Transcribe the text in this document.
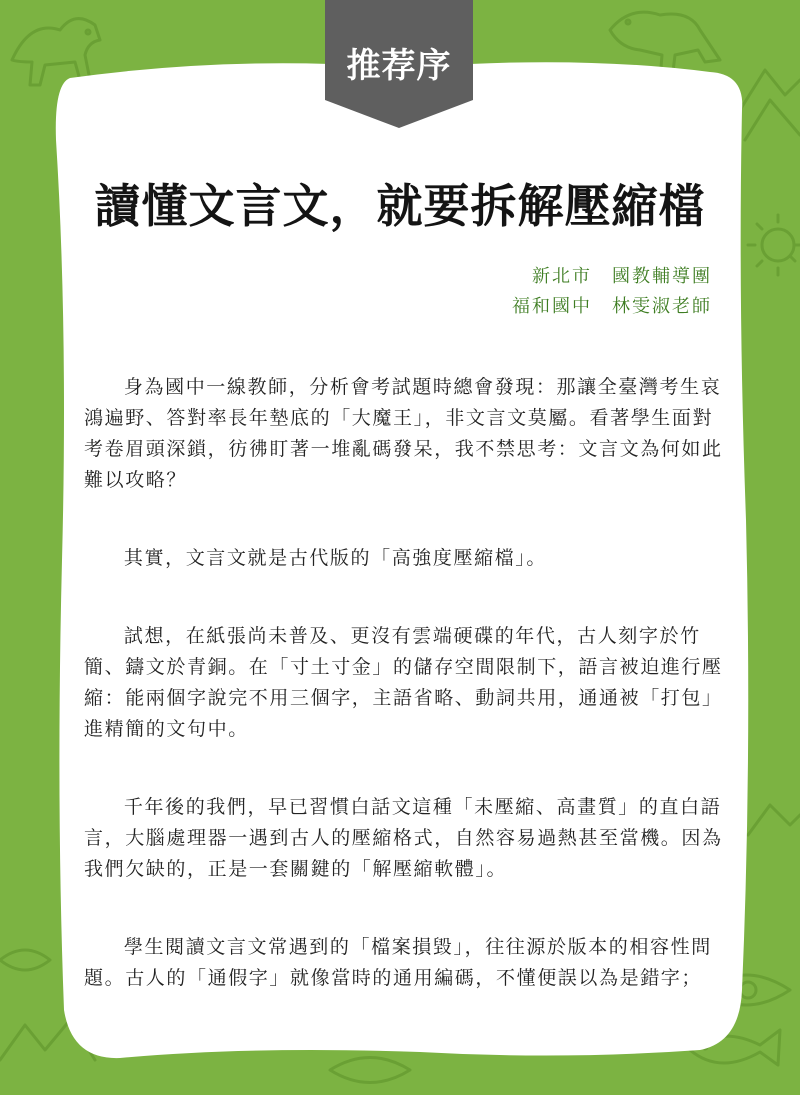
推荐序
讀懂文言文，就要拆解壓縮檔
新北市　國教輔導團
福和國中　林雯淑老師

身為國中一線教師，分析會考試題時總會發現：那讓全臺灣考生哀鴻遍野、答對率長年墊底的「大魔王」，非文言文莫屬。看著學生面對考卷眉頭深鎖，彷彿盯著一堆亂碼發呆，我不禁思考：文言文為何如此難以攻略？

其實，文言文就是古代版的「高強度壓縮檔」。

試想，在紙張尚未普及、更沒有雲端硬碟的年代，古人刻字於竹簡、鑄文於青銅。在「寸土寸金」的儲存空間限制下，語言被迫進行壓縮：能兩個字說完不用三個字，主語省略、動詞共用，通通被「打包」進精簡的文句中。

千年後的我們，早已習慣白話文這種「未壓縮、高畫質」的直白語言，大腦處理器一遇到古人的壓縮格式，自然容易過熱甚至當機。因為我們欠缺的，正是一套關鍵的「解壓縮軟體」。

學生閱讀文言文常遇到的「檔案損毀」，往往源於版本的相容性問題。古人的「通假字」就像當時的通用編碼，不懂便誤以為是錯字；
